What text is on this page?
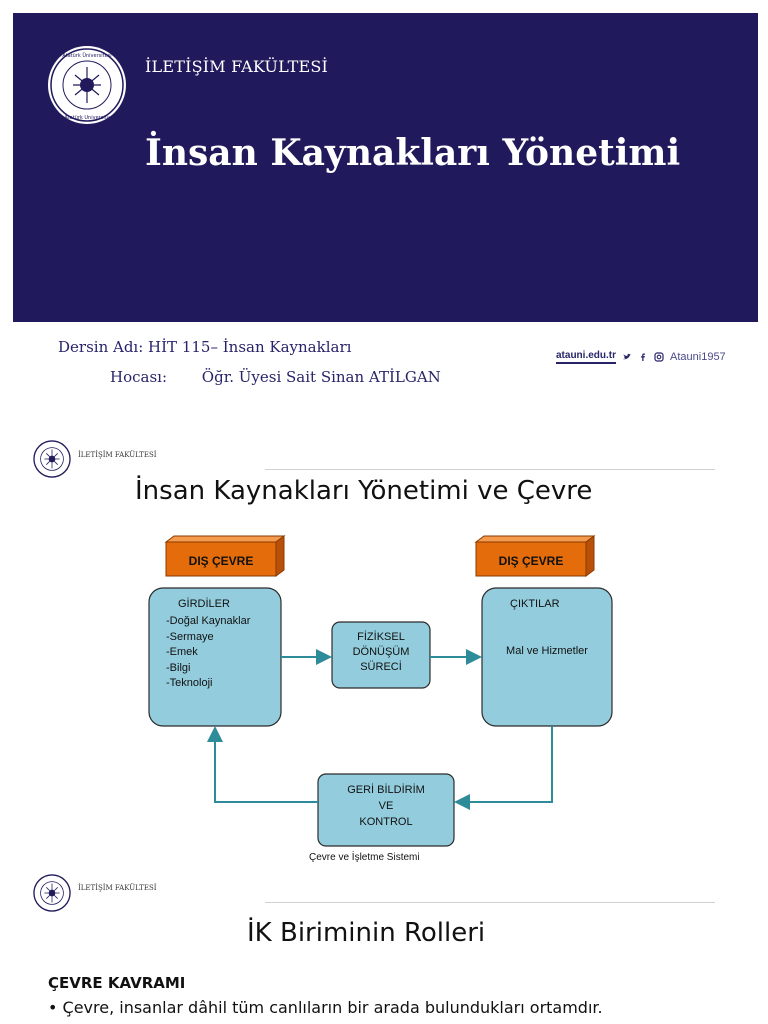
Atatürk Üniversitesi
Atatürk University
İLETİŞİM FAKÜLTESİ
İnsan Kaynakları Yönetimi
Dersin Adı: HİT 115– İnsan Kaynakları
Hocası: Öğr. Üyesi Sait Sinan ATİLGAN
atauni.edu.tr	Atauni1957
İLETİŞİM FAKÜLTESİ
İnsan Kaynakları Yönetimi ve Çevre
DIŞ ÇEVRE	DIŞ ÇEVRE
GİRDİLER
-Doğal Kaynaklar
-Sermaye
-Emek
-Bilgi
-Teknoloji
FİZİKSEL
DÖNÜŞÜM
SÜRECİ
ÇIKTILAR
Mal ve Hizmetler
GERİ BİLDİRİM
VE
KONTROL
Çevre ve İşletme Sistemi
İLETİŞİM FAKÜLTESİ
İK Biriminin Rolleri
ÇEVRE KAVRAMI
• Çevre, insanlar dâhil tüm canlıların bir arada bulundukları ortamdır.
